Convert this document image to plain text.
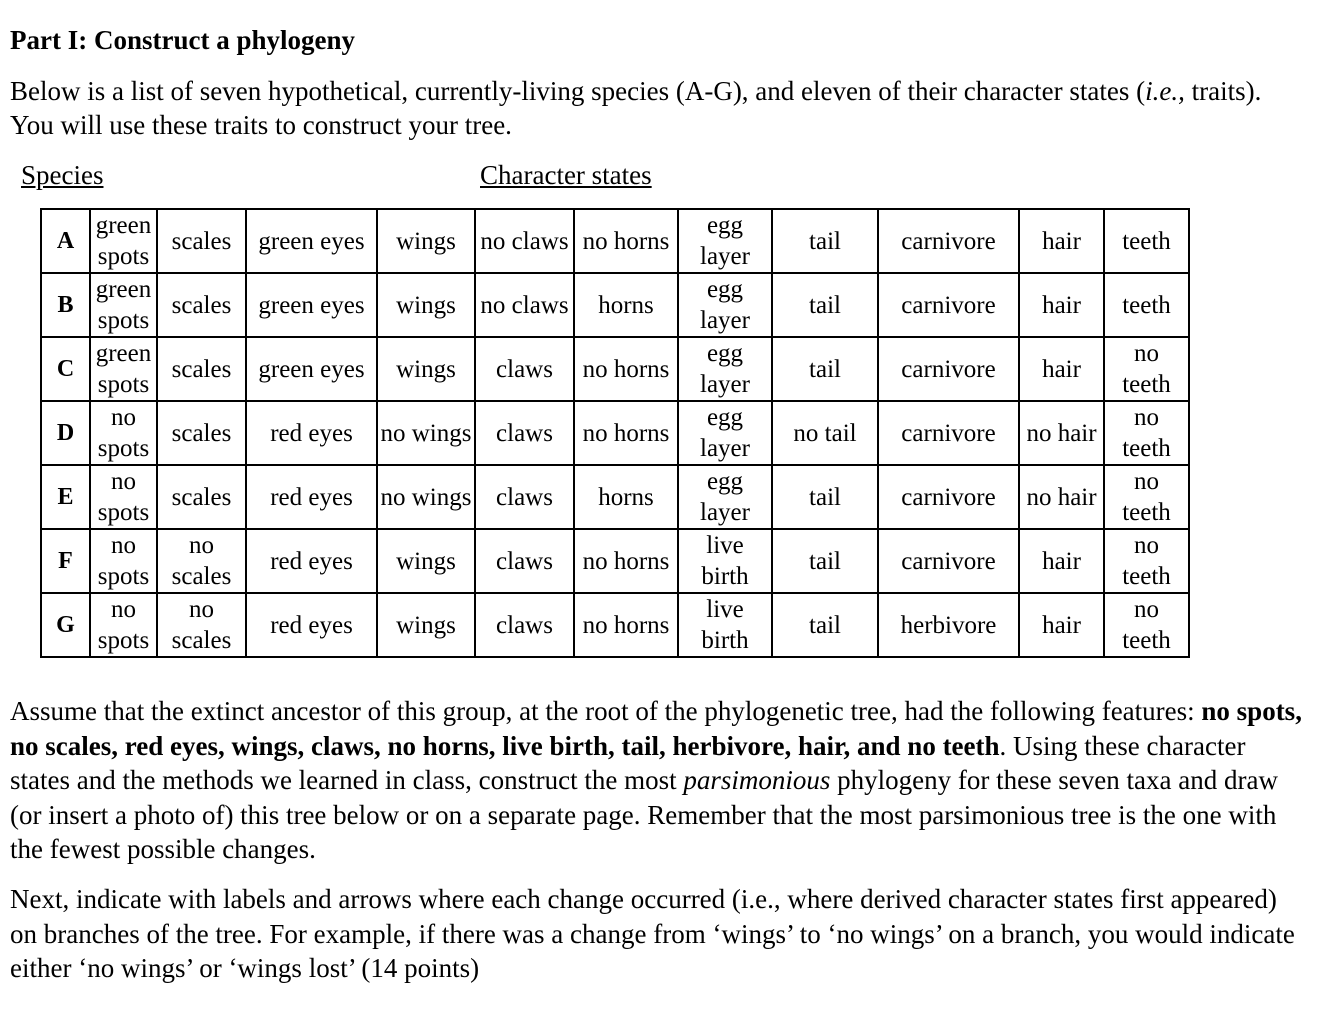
Part I: Construct a phylogeny

Below is a list of seven hypothetical, currently-living species (A-G), and eleven of their character states (i.e., traits). You will use these traits to construct your tree.

Species	Character states
A	green spots	scales	green eyes	wings	no claws	no horns	egg layer	tail	carnivore	hair	teeth
B	green spots	scales	green eyes	wings	no claws	horns	egg layer	tail	carnivore	hair	teeth
C	green spots	scales	green eyes	wings	claws	no horns	egg layer	tail	carnivore	hair	no teeth
D	no spots	scales	red eyes	no wings	claws	no horns	egg layer	no tail	carnivore	no hair	no teeth
E	no spots	scales	red eyes	no wings	claws	horns	egg layer	tail	carnivore	no hair	no teeth
F	no spots	no scales	red eyes	wings	claws	no horns	live birth	tail	carnivore	hair	no teeth
G	no spots	no scales	red eyes	wings	claws	no horns	live birth	tail	herbivore	hair	no teeth

Assume that the extinct ancestor of this group, at the root of the phylogenetic tree, had the following features: no spots, no scales, red eyes, wings, claws, no horns, live birth, tail, herbivore, hair, and no teeth. Using these character states and the methods we learned in class, construct the most parsimonious phylogeny for these seven taxa and draw (or insert a photo of) this tree below or on a separate page. Remember that the most parsimonious tree is the one with the fewest possible changes.

Next, indicate with labels and arrows where each change occurred (i.e., where derived character states first appeared) on branches of the tree. For example, if there was a change from ‘wings’ to ‘no wings’ on a branch, you would indicate either ‘no wings’ or ‘wings lost’ (14 points)
